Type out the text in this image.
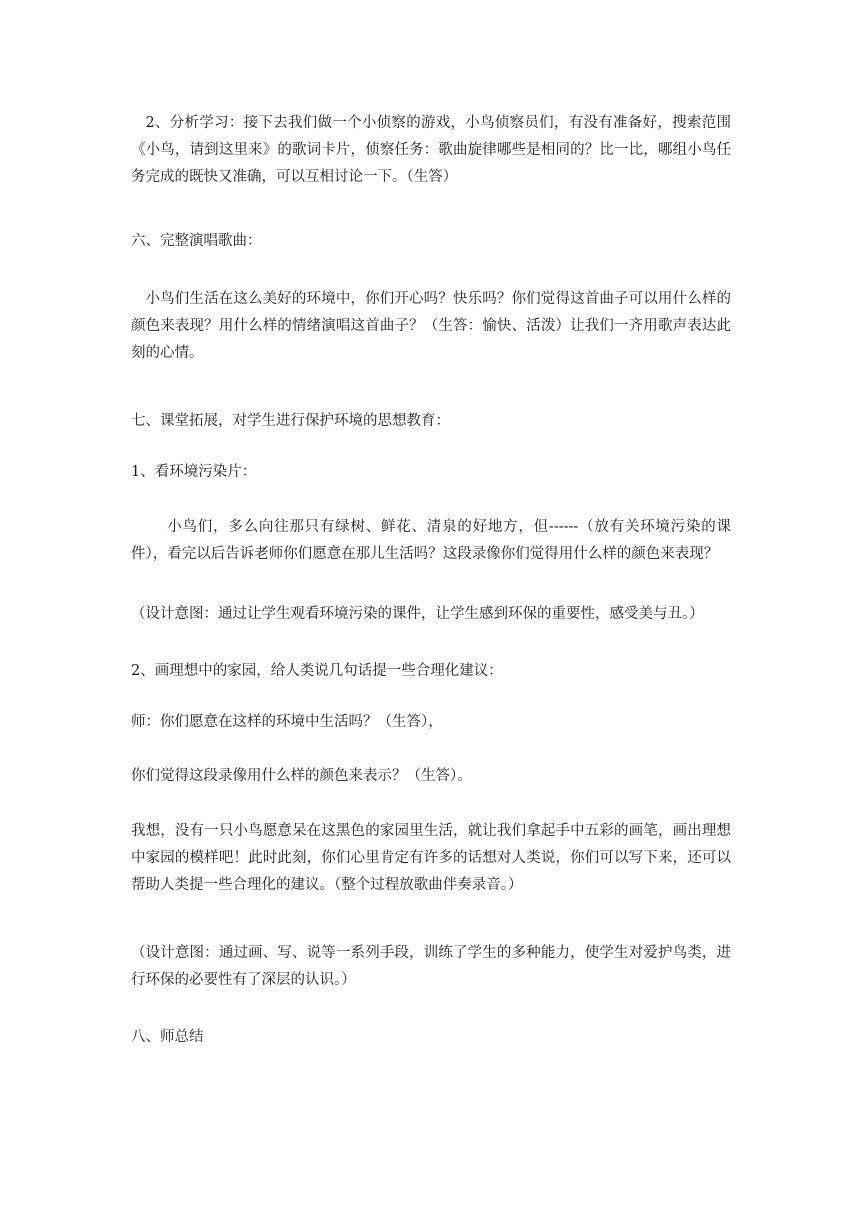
2、分析学习：接下去我们做一个小侦察的游戏，小鸟侦察员们，有没有准备好，搜索范围《小鸟，请到这里来》的歌词卡片，侦察任务：歌曲旋律哪些是相同的？比一比，哪组小鸟任务完成的既快又准确，可以互相讨论一下。（生答）

六、完整演唱歌曲：

小鸟们生活在这么美好的环境中，你们开心吗？快乐吗？你们觉得这首曲子可以用什么样的颜色来表现？用什么样的情绪演唱这首曲子？（生答：愉快、活泼）让我们一齐用歌声表达此刻的心情。

七、课堂拓展，对学生进行保护环境的思想教育：

1、看环境污染片：

小鸟们，多么向往那只有绿树、鲜花、清泉的好地方，但------（放有关环境污染的课件），看完以后告诉老师你们愿意在那儿生活吗？这段录像你们觉得用什么样的颜色来表现？

（设计意图：通过让学生观看环境污染的课件，让学生感到环保的重要性，感受美与丑。）

2、画理想中的家园，给人类说几句话提一些合理化建议：

师：你们愿意在这样的环境中生活吗？（生答），

你们觉得这段录像用什么样的颜色来表示？（生答）。

我想，没有一只小鸟愿意呆在这黑色的家园里生活，就让我们拿起手中五彩的画笔，画出理想中家园的模样吧！此时此刻，你们心里肯定有许多的话想对人类说，你们可以写下来，还可以帮助人类提一些合理化的建议。（整个过程放歌曲伴奏录音。）

（设计意图：通过画、写、说等一系列手段，训练了学生的多种能力，使学生对爱护鸟类，进行环保的必要性有了深层的认识。）

八、师总结
